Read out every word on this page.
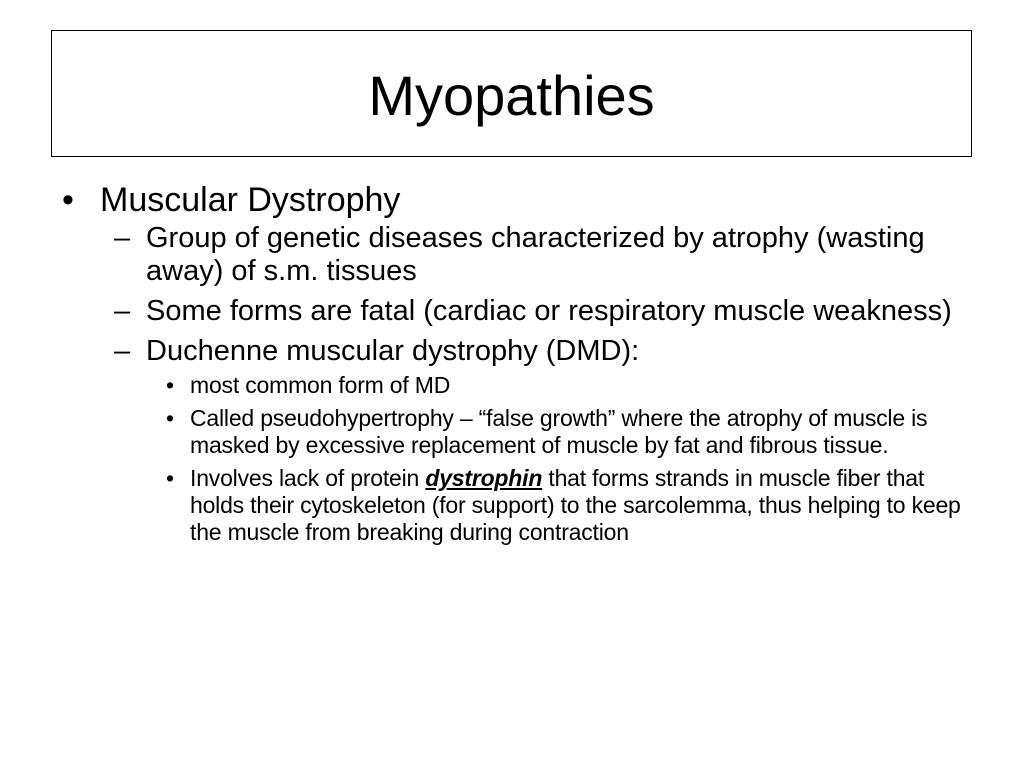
Myopathies
• Muscular Dystrophy
– Group of genetic diseases characterized by atrophy (wasting away) of s.m. tissues
– Some forms are fatal (cardiac or respiratory muscle weakness)
– Duchenne muscular dystrophy (DMD):
• most common form of MD
• Called pseudohypertrophy – “false growth” where the atrophy of muscle is masked by excessive replacement of muscle by fat and fibrous tissue.
• Involves lack of protein dystrophin that forms strands in muscle fiber that holds their cytoskeleton (for support) to the sarcolemma, thus helping to keep the muscle from breaking during contraction
